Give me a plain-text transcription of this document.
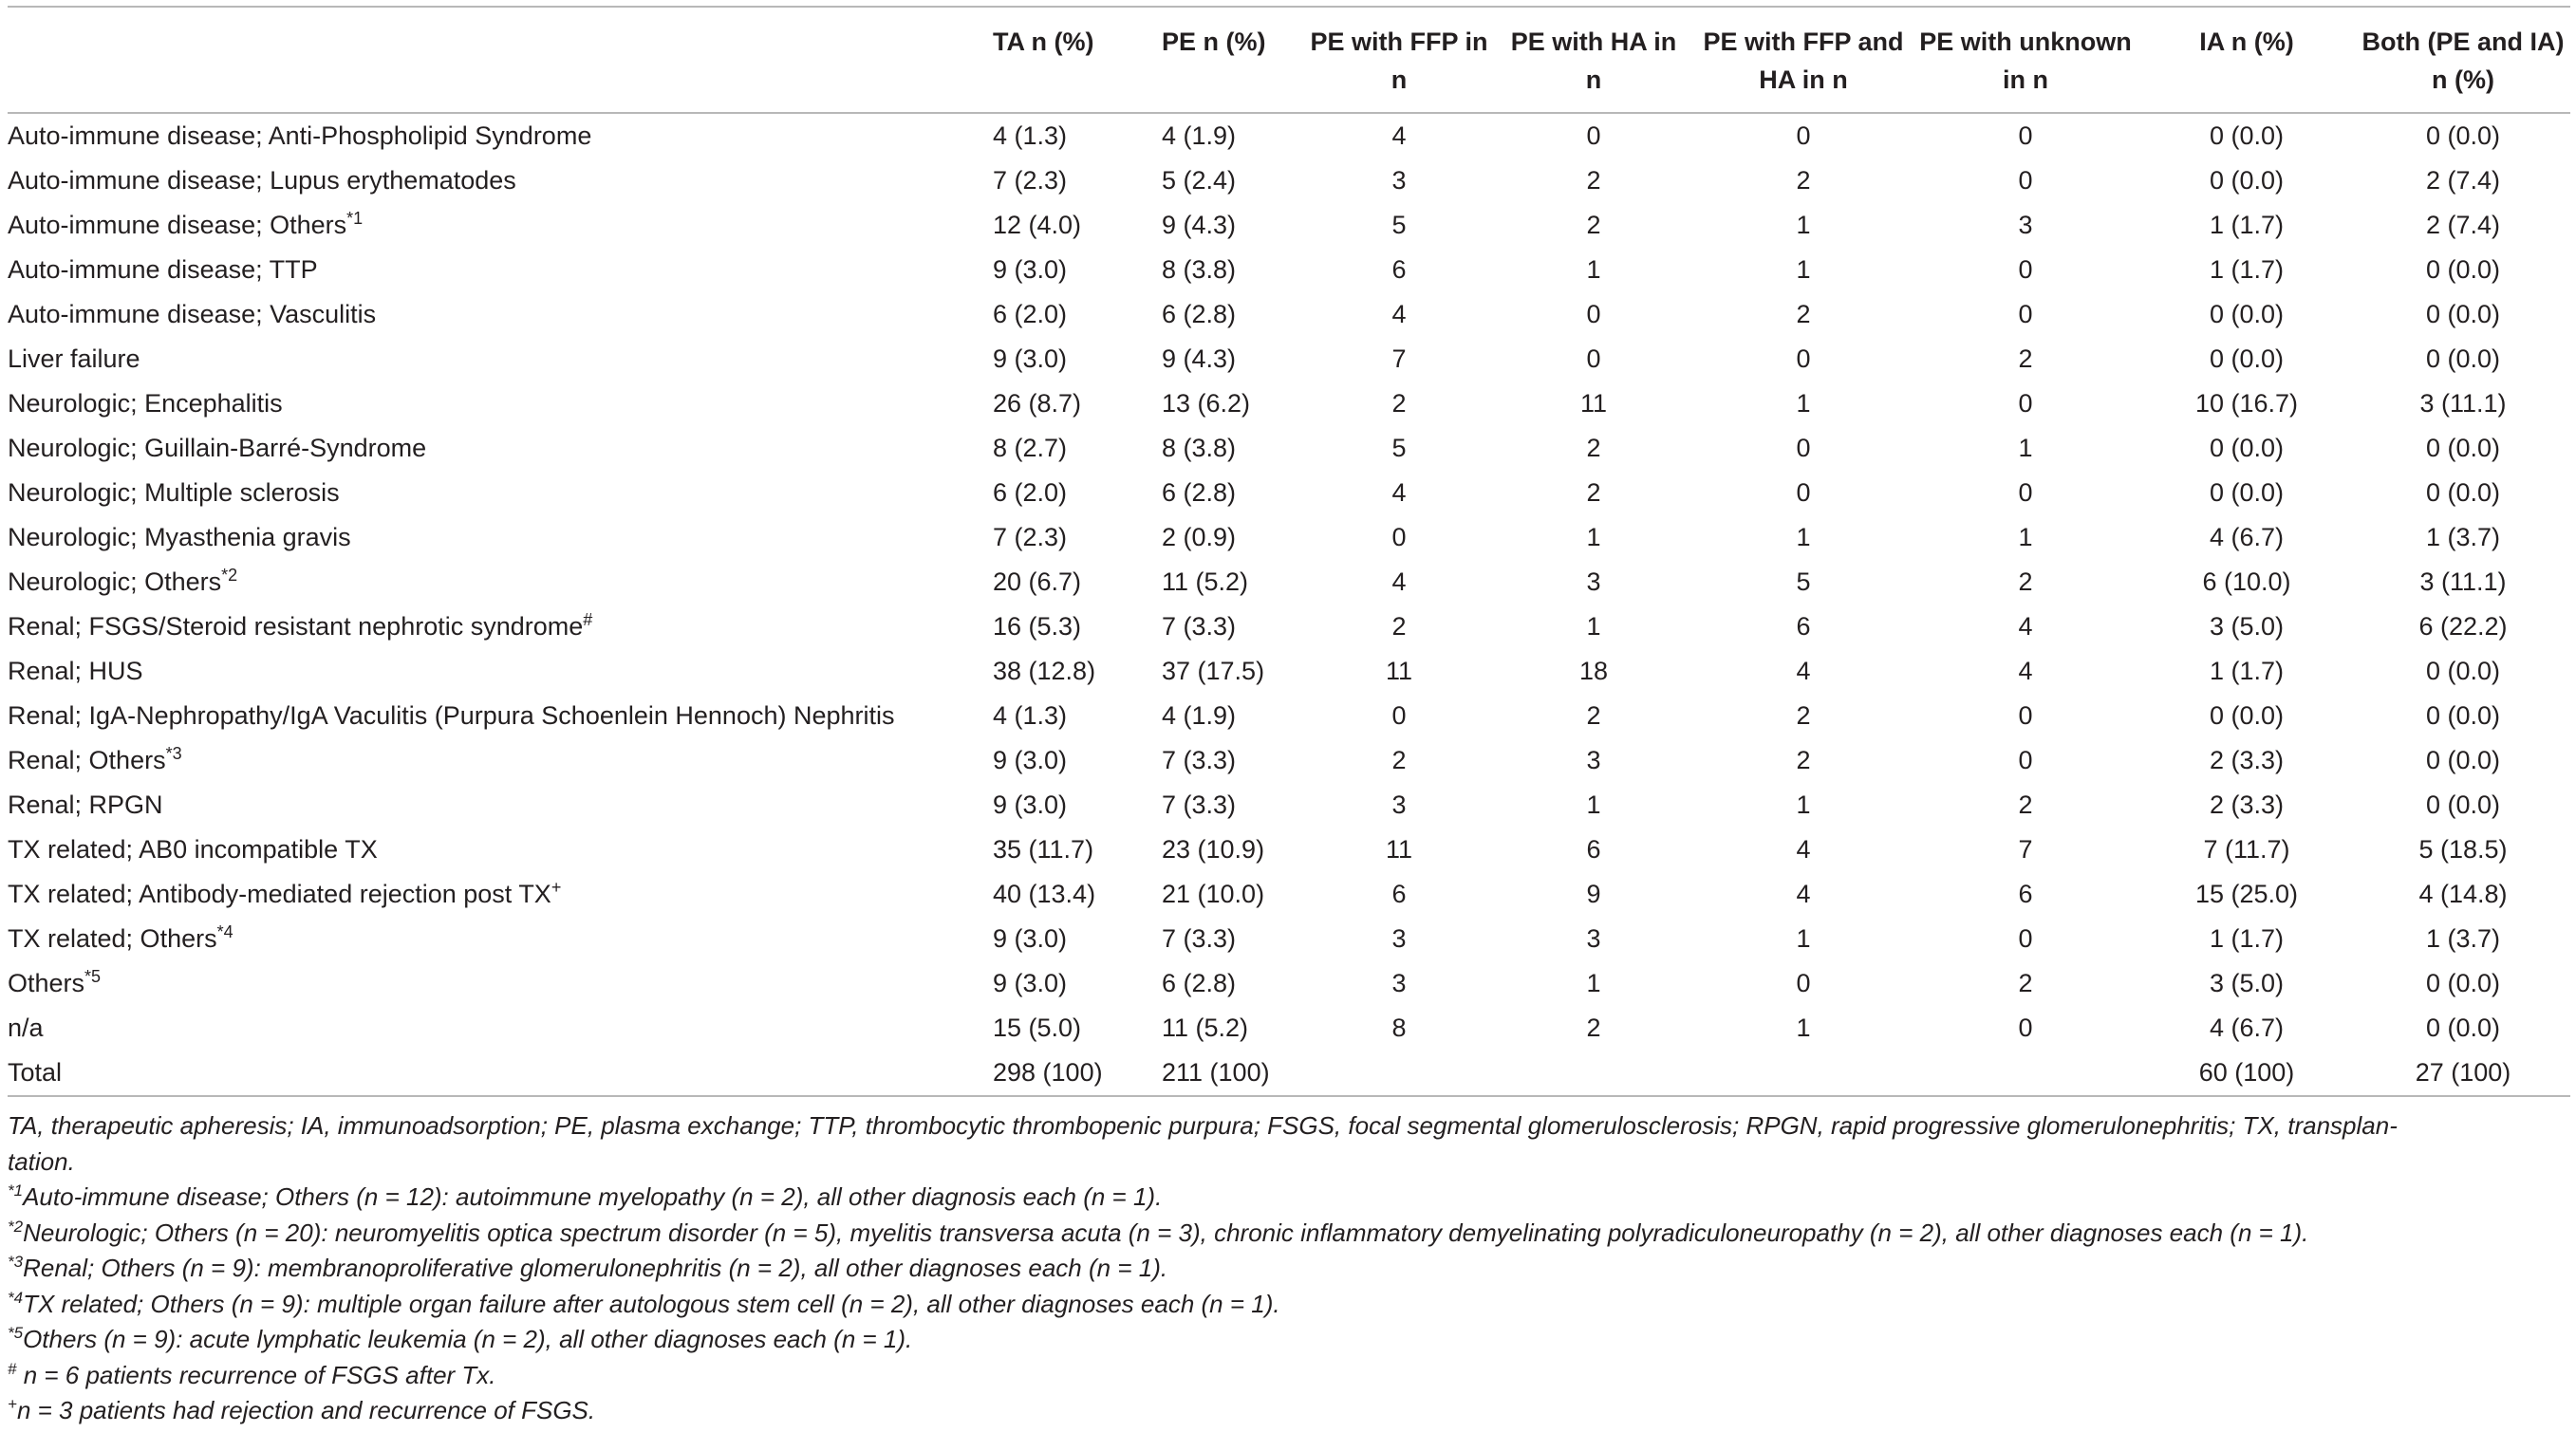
	TA n (%)	PE n (%)	PE with FFP in n	PE with HA in n	PE with FFP and HA in n	PE with unknown in n	IA n (%)	Both (PE and IA) n (%)
Auto-immune disease; Anti-Phospholipid Syndrome	4 (1.3)	4 (1.9)	4	0	0	0	0 (0.0)	0 (0.0)
Auto-immune disease; Lupus erythematodes	7 (2.3)	5 (2.4)	3	2	2	0	0 (0.0)	2 (7.4)
Auto-immune disease; Others$^{*1}$	12 (4.0)	9 (4.3)	5	2	1	3	1 (1.7)	2 (7.4)
Auto-immune disease; TTP	9 (3.0)	8 (3.8)	6	1	1	0	1 (1.7)	0 (0.0)
Auto-immune disease; Vasculitis	6 (2.0)	6 (2.8)	4	0	2	0	0 (0.0)	0 (0.0)
Liver failure	9 (3.0)	9 (4.3)	7	0	0	2	0 (0.0)	0 (0.0)
Neurologic; Encephalitis	26 (8.7)	13 (6.2)	2	11	1	0	10 (16.7)	3 (11.1)
Neurologic; Guillain-Barré-Syndrome	8 (2.7)	8 (3.8)	5	2	0	1	0 (0.0)	0 (0.0)
Neurologic; Multiple sclerosis	6 (2.0)	6 (2.8)	4	2	0	0	0 (0.0)	0 (0.0)
Neurologic; Myasthenia gravis	7 (2.3)	2 (0.9)	0	1	1	1	4 (6.7)	1 (3.7)
Neurologic; Others$^{*2}$	20 (6.7)	11 (5.2)	4	3	5	2	6 (10.0)	3 (11.1)
Renal; FSGS/Steroid resistant nephrotic syndrome#	16 (5.3)	7 (3.3)	2	1	6	4	3 (5.0)	6 (22.2)
Renal; HUS	38 (12.8)	37 (17.5)	11	18	4	4	1 (1.7)	0 (0.0)
Renal; IgA-Nephropathy/IgA Vaculitis (Purpura Schoenlein Hennoch) Nephritis	4 (1.3)	4 (1.9)	0	2	2	0	0 (0.0)	0 (0.0)
Renal; Others$^{*3}$	9 (3.0)	7 (3.3)	2	3	2	0	2 (3.3)	0 (0.0)
Renal; RPGN	9 (3.0)	7 (3.3)	3	1	1	2	2 (3.3)	0 (0.0)
TX related; AB0 incompatible TX	35 (11.7)	23 (10.9)	11	6	4	7	7 (11.7)	5 (18.5)
TX related; Antibody-mediated rejection post TX+	40 (13.4)	21 (10.0)	6	9	4	6	15 (25.0)	4 (14.8)
TX related; Others$^{*4}$	9 (3.0)	7 (3.3)	3	3	1	0	1 (1.7)	1 (3.7)
Others$^{*5}$	9 (3.0)	6 (2.8)	3	1	0	2	3 (5.0)	0 (0.0)
n/a	15 (5.0)	11 (5.2)	8	2	1	0	4 (6.7)	0 (0.0)
Total	298 (100)	211 (100)					60 (100)	27 (100)

TA, therapeutic apheresis; IA, immunoadsorption; PE, plasma exchange; TTP, thrombocytic thrombopenic purpura; FSGS, focal segmental glomerulosclerosis; RPGN, rapid progressive glomerulonephritis; TX, transplan-
tation.

$^{*1}$Auto-immune disease; Others (n = 12): autoimmune myelopathy (n = 2), all other diagnosis each (n = 1).

$^{*2}$Neurologic; Others (n = 20): neuromyelitis optica spectrum disorder (n = 5), myelitis transversa acuta (n = 3), chronic inflammatory demyelinating polyradiculoneuropathy (n = 2), all other diagnoses each (n = 1).

$^{*3}$Renal; Others (n = 9): membranoproliferative glomerulonephritis (n = 2), all other diagnoses each (n = 1).

$^{*4}$TX related; Others (n = 9): multiple organ failure after autologous stem cell (n = 2), all other diagnoses each (n = 1).

$^{*5}$Others (n = 9): acute lymphatic leukemia (n = 2), all other diagnoses each (n = 1).

# n = 6 patients recurrence of FSGS after Tx.

+n = 3 patients had rejection and recurrence of FSGS.
